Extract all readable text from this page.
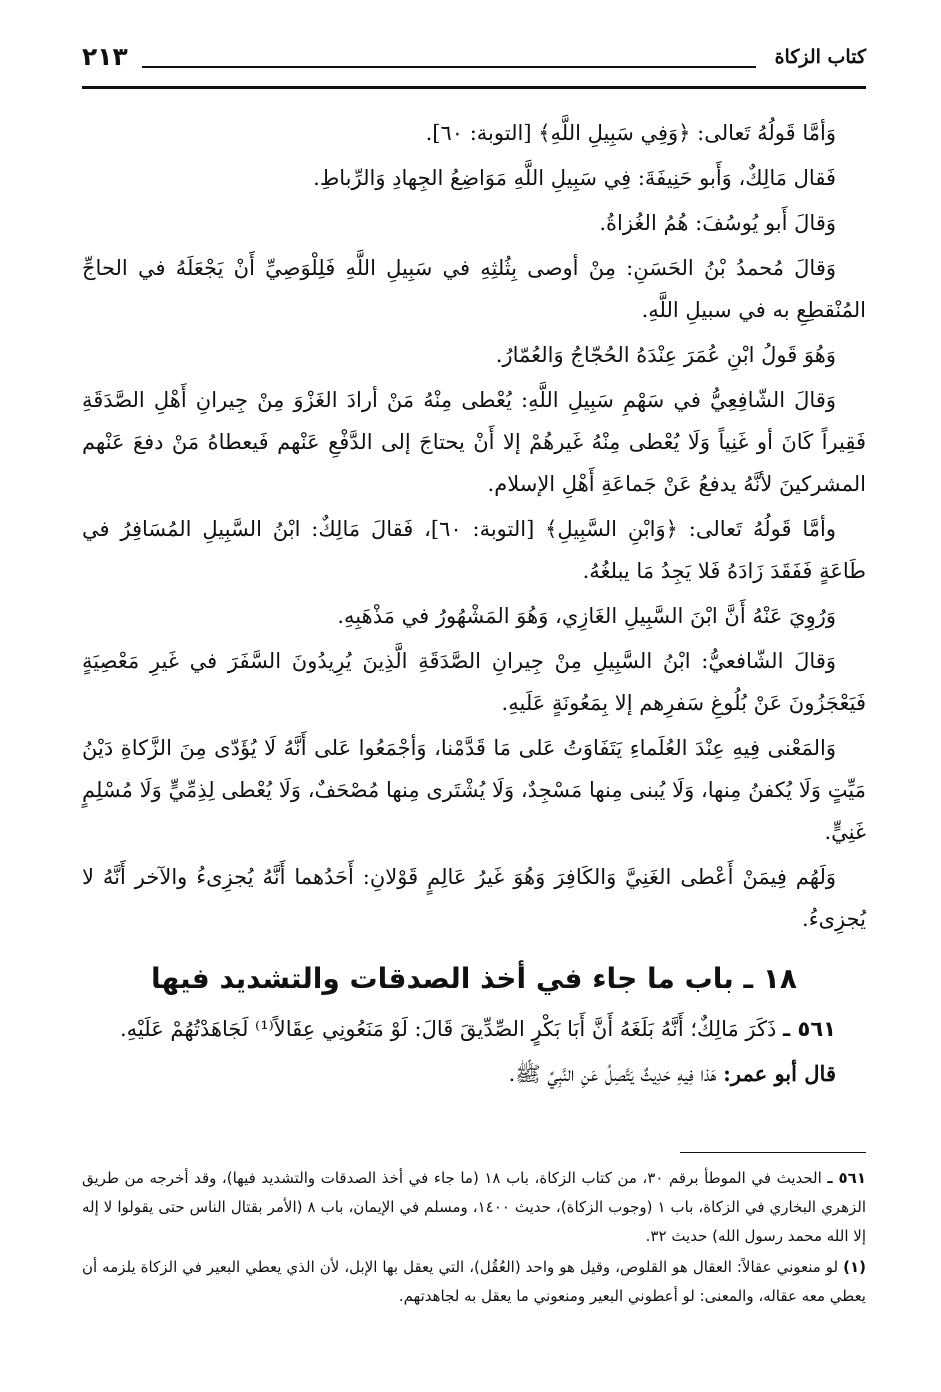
كتاب الزكاة
٢١٣

وَأمَّا قَولُهُ تَعالى: ﴿وَفِي سَبِيلِ اللَّهِ﴾ [التوبة: ٦٠].

فَقال مَالِكٌ، وَأَبو حَنِيفَةَ: فِي سَبِيلِ اللَّهِ مَوَاضِعُ الجِهادِ وَالرِّباطِ.

وَقالَ أَبو يُوسُفَ: هُمُ الغُزاةُ.

وَقالَ مُحمدُ بْنُ الحَسَنِ: مِنْ أوصى بِثُلثِهِ في سَبِيلِ اللَّهِ فَلِلْوَصِيِّ أَنْ يَجْعَلَهُ في الحاجِّ المُنْقطِعِ به في سبيلِ اللَّهِ.

وَهُوَ قَولُ ابْنِ عُمَرَ عِنْدَهُ الحُجّاجُ وَالعُمّارُ.

وَقالَ الشّافِعِيُّ في سَهْمِ سَبِيلِ اللَّهِ: يُعْطى مِنْهُ مَنْ أرادَ الغَزْوَ مِنْ جِيرانِ أَهْلِ الصَّدَقَةِ فَقِيراً كَانَ أو غَنِياً وَلَا يُعْطى مِنْهُ غَيرهُمْ إلا أَنْ يحتاجَ إلى الدَّفْعِ عَنْهم فَيعطاهُ مَنْ دفعَ عَنْهم المشركينَ لأنَّهُ يدفعُ عَنْ جَماعَةِ أَهْلِ الإسلام.

وأمَّا قَولُهُ تَعالى: ﴿وَابْنِ السَّبِيلِ﴾ [التوبة: ٦٠]، فَقالَ مَالِكٌ: ابْنُ السَّبِيلِ المُسَافِرُ في طَاعَةٍ فَفَقَدَ زَادَهُ فَلا يَجِدُ مَا يبلغُهُ.

وَرُوِيَ عَنْهُ أَنَّ ابْنَ السَّبِيلِ الغَازِي، وَهُوَ المَشْهُورُ في مَذْهَبِهِ.

وَقالَ الشّافعيُّ: ابْنُ السَّبِيلِ مِنْ جِيرانِ الصَّدَقَةِ الَّذِينَ يُرِيدُونَ السَّفَرَ في غَيرِ مَعْصِيَةٍ فَيَعْجَزُونَ عَنْ بُلُوغِ سَفرِهم إلا بِمَعُونَةٍ عَلَيهِ.

وَالمَعْنى فِيهِ عِنْدَ العُلَماءِ يَتَفَاوَتُ عَلى مَا قَدَّمْنا، وَأجْمَعُوا عَلى أَنَّهُ لَا يُؤَدّى مِنَ الزَّكاةِ دَيْنُ مَيِّتٍ وَلَا يُكفنُ مِنها، وَلَا يُبنى مِنها مَسْجِدٌ، وَلَا يُشْتَرى مِنها مُصْحَفٌ، وَلَا يُعْطى لِذِمِّيٍّ وَلَا مُسْلِمٍ غَنِيٍّ.

وَلَهُم فِيمَنْ أَعْطى الغَنِيَّ وَالكَافِرَ وَهُوَ غَيرُ عَالِمٍ قَوْلانِ: أَحَدُهما أَنَّهُ يُجزِىءُ والآخر أَنَّهُ لا يُجزِىءُ.

١٨ ـ باب ما جاء في أخذ الصدقات والتشديد فيها

٥٦١ ـ ذَكَرَ مَالِكٌ؛ أَنَّهُ بَلَغَهُ أَنَّ أَبَا بَكْرٍ الصِّدِّيقَ قَالَ: لَوْ مَنَعُونِي عِقَالاً⁽¹⁾ لَجَاهَدْتُهُمْ عَلَيْهِ.

قال أبو عمر: هَذا فِيهِ حَدِيثٌ يَتَّصِلُ عَنِ النَّبِيِّ ﷺ.

٥٦١ ـ الحديث في الموطأ برقم ٣٠، من كتاب الزكاة، باب ١٨ (ما جاء في أخذ الصدقات والتشديد فيها)، وقد أخرجه من طريق الزهري البخاري في الزكاة، باب ١ (وجوب الزكاة)، حديث ١٤٠٠، ومسلم في الإيمان، باب ٨ (الأمر بقتال الناس حتى يقولوا لا إله إلا الله محمد رسول الله) حديث ٣٢.

(١) لو منعوني عقالاً: العقال هو القلوص، وقيل هو واحد (العُقُل)، التي يعقل بها الإبل، لأن الذي يعطي البعير في الزكاة يلزمه أن يعطي معه عقاله، والمعنى: لو أعطوني البعير ومنعوني ما يعقل به لجاهدتهم.
